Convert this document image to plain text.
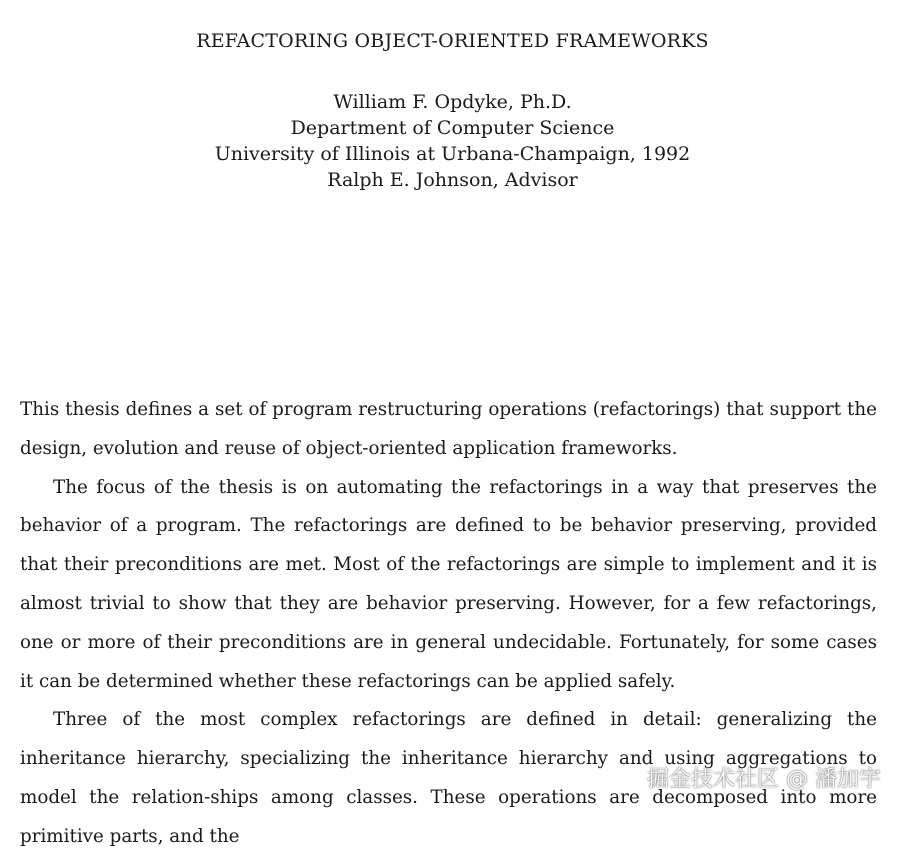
REFACTORING OBJECT-ORIENTED FRAMEWORKS
William F. Opdyke, Ph.D.
Department of Computer Science
University of Illinois at Urbana-Champaign, 1992
Ralph E. Johnson, Advisor

This thesis defines a set of program restructuring operations (refactorings) that support the design, evolution and reuse of object-oriented application frameworks.

The focus of the thesis is on automating the refactorings in a way that preserves the behavior of a program. The refactorings are defined to be behavior preserving, provided that their preconditions are met. Most of the refactorings are simple to implement and it is almost trivial to show that they are behavior preserving. However, for a few refactorings, one or more of their preconditions are in general undecidable. Fortunately, for some cases it can be determined whether these refactorings can be applied safely.

Three of the most complex refactorings are defined in detail: generalizing the inheritance hierarchy, specializing the inheritance hierarchy and using aggregations to model the relation-ships among classes. These operations are decomposed into more primitive parts, and the

掘金技术社区 @ 潘加宇
